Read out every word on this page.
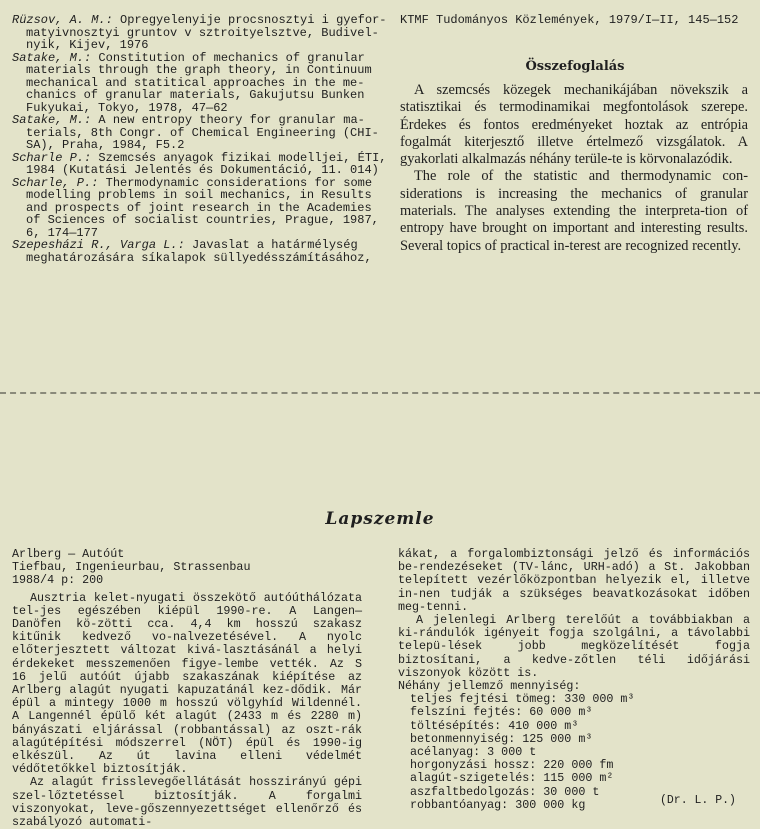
Rüzsov, A. M.: Opregyelenyije procsnosztyi i gyefor-matyivnosztyi gruntov v sztroityelsztve, Budivel-nyik, Kijev, 1976

Satake, M.: Constitution of mechanics of granular materials through the graph theory, in Continuum mechanical and statitical approaches in the me-chanics of granular materials, Gakujutsu Bunken Fukyukai, Tokyo, 1978, 47—62

Satake, M.: A new entropy theory for granular ma-terials, 8th Congr. of Chemical Engineering (CHI-SA), Praha, 1984, F5.2

Scharle P.: Szemcsés anyagok fizikai modelljei, ÉTI, 1984 (Kutatási Jelentés és Dokumentáció, 11. 014)

Scharle, P.: Thermodynamic considerations for some modelling problems in soil mechanics, in Results and prospects of joint research in the Academies of Sciences of socialist countries, Prague, 1987, 6, 174—177

Szepesházi R., Varga L.: Javaslat a határmélység meghatározására síkalapok süllyedésszámításához,

KTMF Tudományos Közlemények, 1979/I—II, 145—152
Összefoglalás

A szemcsés közegek mechanikájában növekszik a statisztikai és termodinamikai megfontolások szerepe. Érdekes és fontos eredményeket hoztak az entrópia fogalmát kiterjesztő illetve értelmező vizsgálatok. A gyakorlati alkalmazás néhány terüle-te is körvonalazódik.

The role of the statistic and thermodynamic con-siderations is increasing the mechanics of granular materials. The analyses extending the interpreta-tion of entropy have brought on important and interesting results. Several topics of practical in-terest are recognized recently.

Lapszemle

Arlberg — Autóút

Tiefbau, Ingenieurbau, Strassenbau

1988/4 p: 200

Ausztria kelet-nyugati összekötő autóúthálózata tel-jes egészében kiépül 1990-re. A Langen—Danöfen kö-zötti cca. 4,4 km hosszú szakasz kitűnik kedvező vo-nalvezetésével. A nyolc előterjesztett változat kivá-lasztásánál a helyi érdekeket messzemenően figye-lembe vették. Az S 16 jelű autóút újabb szakaszának kiépítése az Arlberg alagút nyugati kapuzatánál kez-dődik. Már épül a mintegy 1000 m hosszú völgyhíd Wildennél. A Langennél épülő két alagút (2433 m és 2280 m) bányászati eljárással (robbantással) az oszt-rák alagútépítési módszerrel (NÖT) épül és 1990-ig elkészül. Az út lavina elleni védelmét védőtetőkkel biztosítják.

Az alagút frisslevegőellátását hosszirányú gépi szel-lőztetéssel biztosítják. A forgalmi viszonyokat, leve-gőszennyezettséget ellenőrző és szabályozó automati-

kákat, a forgalombiztonsági jelző és információs be-rendezéseket (TV-lánc, URH-adó) a St. Jakobban telepített vezérlőközpontban helyezik el, illetve in-nen tudják a szükséges beavatkozásokat időben meg-tenni.

A jelenlegi Arlberg terelőút a továbbiakban a ki-rándulók igényeit fogja szolgálni, a távolabbi telepü-lések jobb megközelítését fogja biztosítani, a kedve-zőtlen téli időjárási viszonyok között is.

Néhány jellemző mennyiség:

teljes fejtési tömeg: 330 000 m³

felszíni fejtés: 60 000 m³

töltésépítés: 410 000 m³

betonmennyiség: 125 000 m³

acélanyag: 3 000 t

horgonyzási hossz: 220 000 fm

alagút-szigetelés: 115 000 m²

aszfaltbedolgozás: 30 000 t

robbantóanyag: 300 000 kg	(Dr. L. P.)
